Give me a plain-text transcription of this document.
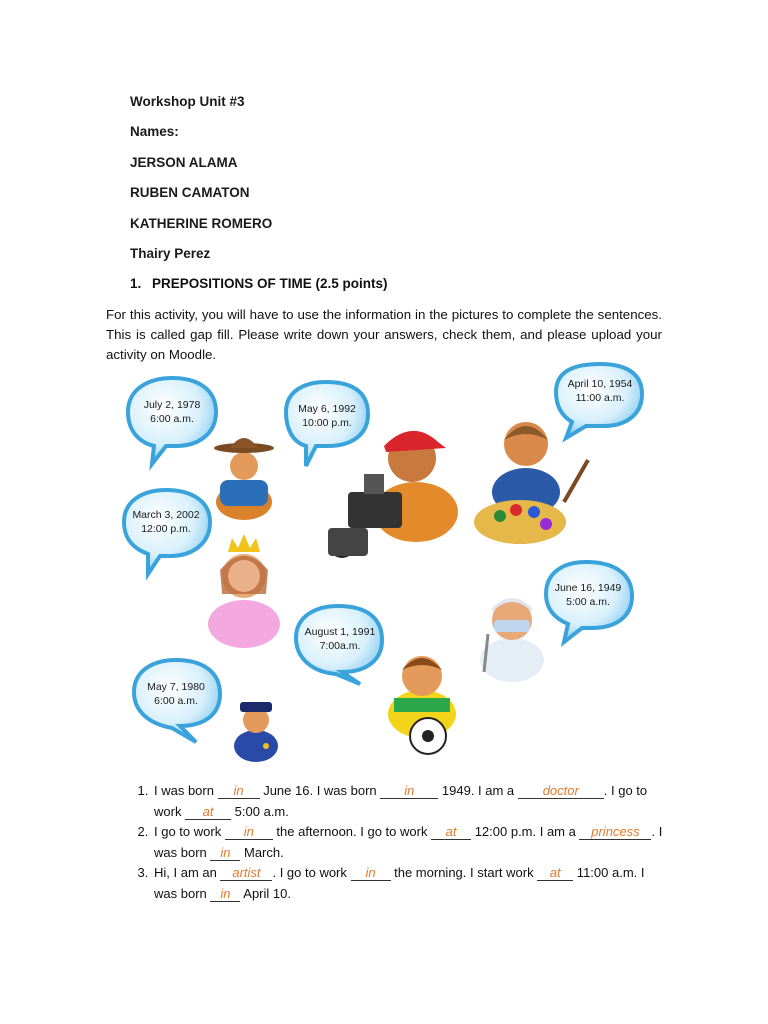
Workshop Unit #3
Names:
JERSON ALAMA
RUBEN CAMATON
KATHERINE ROMERO
Thairy Perez
1. PREPOSITIONS OF TIME (2.5 points)
For this activity, you will have to use the information in the pictures to complete the sentences. This is called gap fill. Please write down your answers, check them, and please upload your activity on Moodle.
July 2, 1978
6:00 a.m.
May 6, 1992
10:00 p.m.
April 10, 1954
11:00 a.m.
March 3, 2002
12:00 p.m.
June 16, 1949
5:00 a.m.
August 1, 1991
7:00a.m.
May 7, 1980
6:00 a.m.
1. I was born in June 16. I was born in 1949. I am a doctor . I go to work at 5:00 a.m.
2. I go to work in the afternoon. I go to work at 12:00 p.m. I am a princess . I was born in March.
3. Hi, I am an artist . I go to work in the morning. I start work at 11:00 a.m. I was born in April 10.
